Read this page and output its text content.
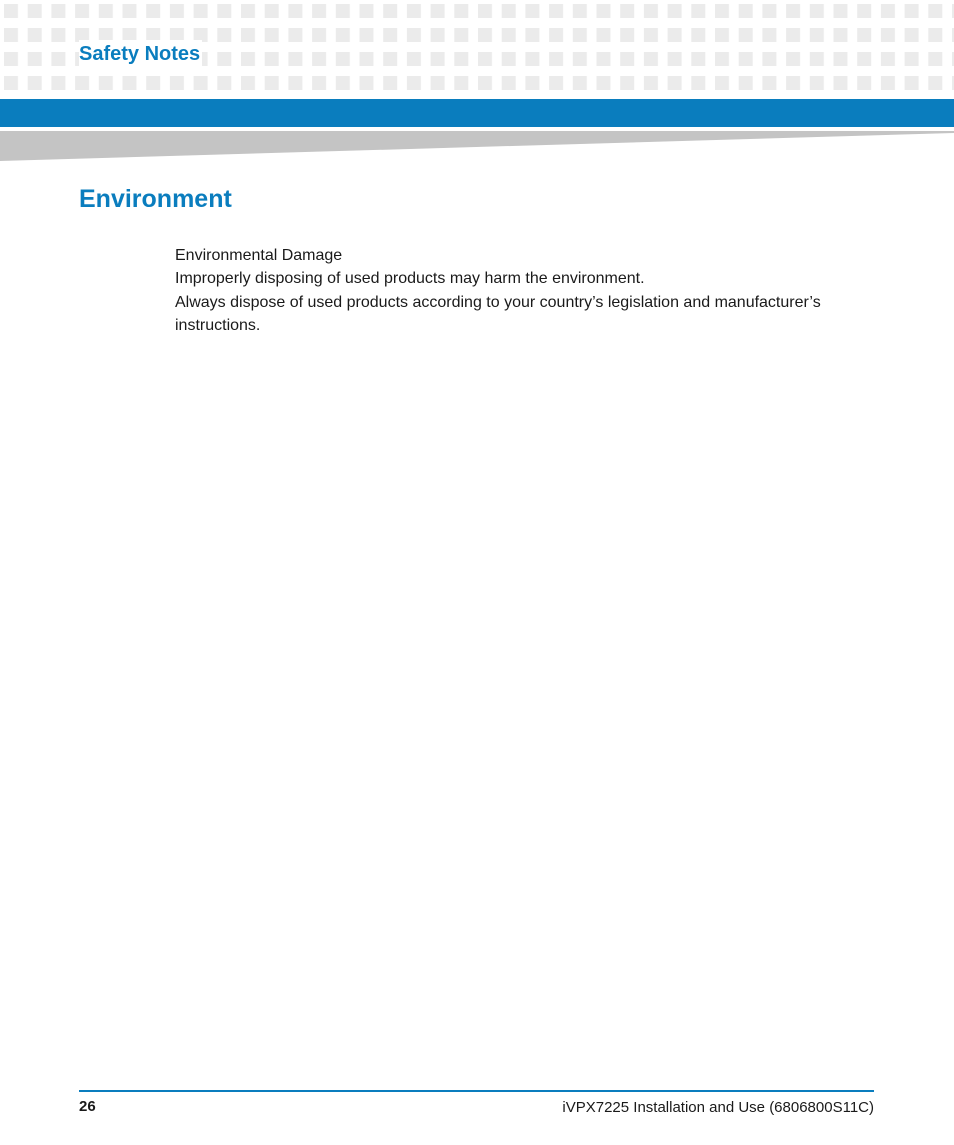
Safety Notes
Environment

Environmental Damage

Improperly disposing of used products may harm the environment.

Always dispose of used products according to your country’s legislation and manufacturer’s instructions.

26	iVPX7225 Installation and Use (6806800S11C)
